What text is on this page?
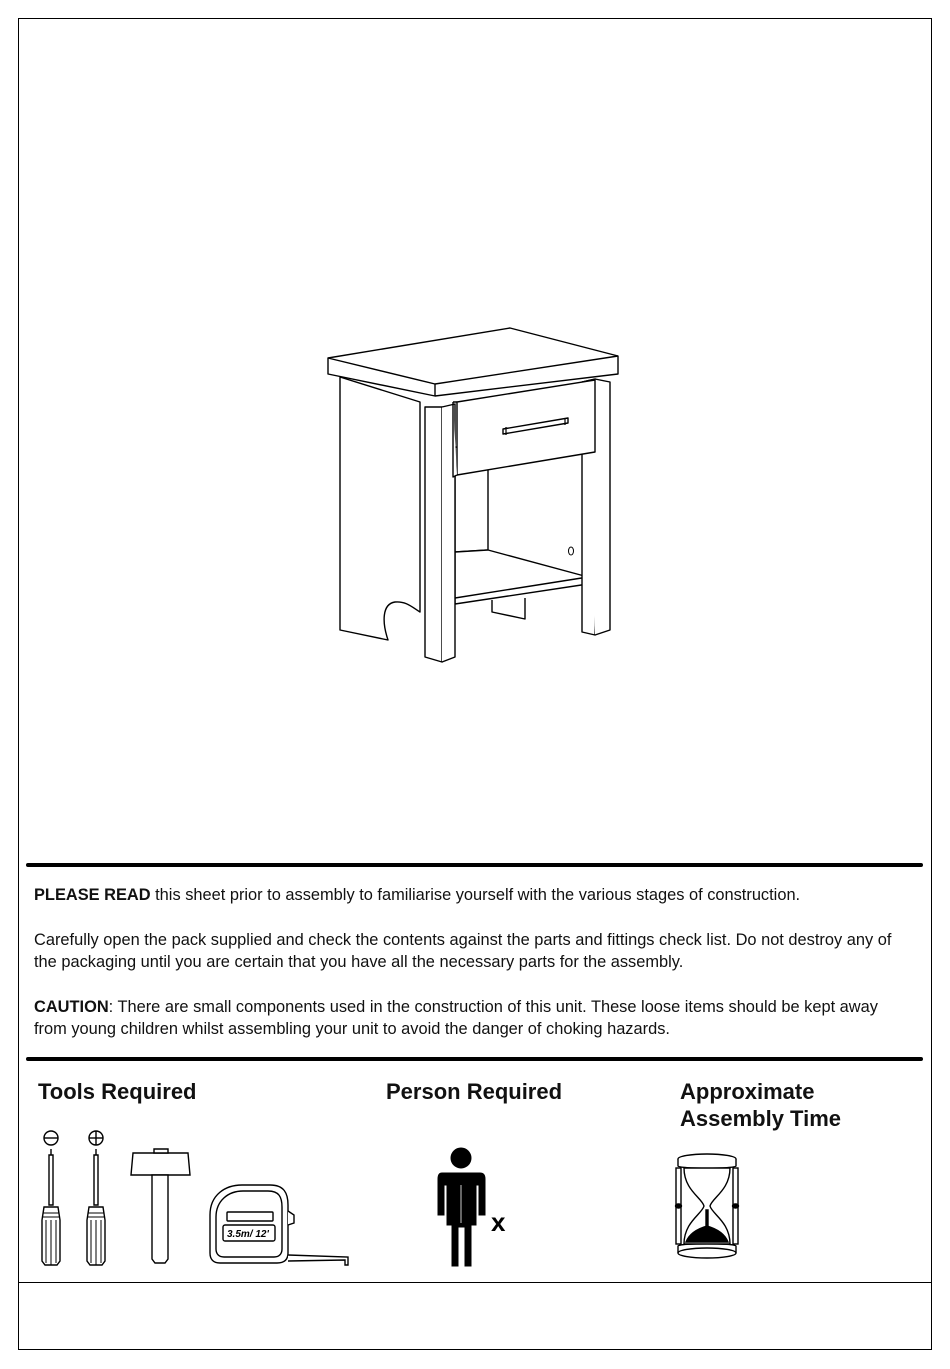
PLEASE READ this sheet prior to assembly to familiarise yourself with the various stages of construction.

Carefully open the pack supplied and check the contents against the parts and fittings check list. Do not destroy any of the packaging until you are certain that you have all the necessary parts for the assembly.

CAUTION: There are small components used in the construction of this unit. These loose items should be kept away from young children whilst assembling your unit to avoid the danger of choking hazards.

Tools Required	Person Required	Approximate
Assembly Time
3.5m/ 12'	x
